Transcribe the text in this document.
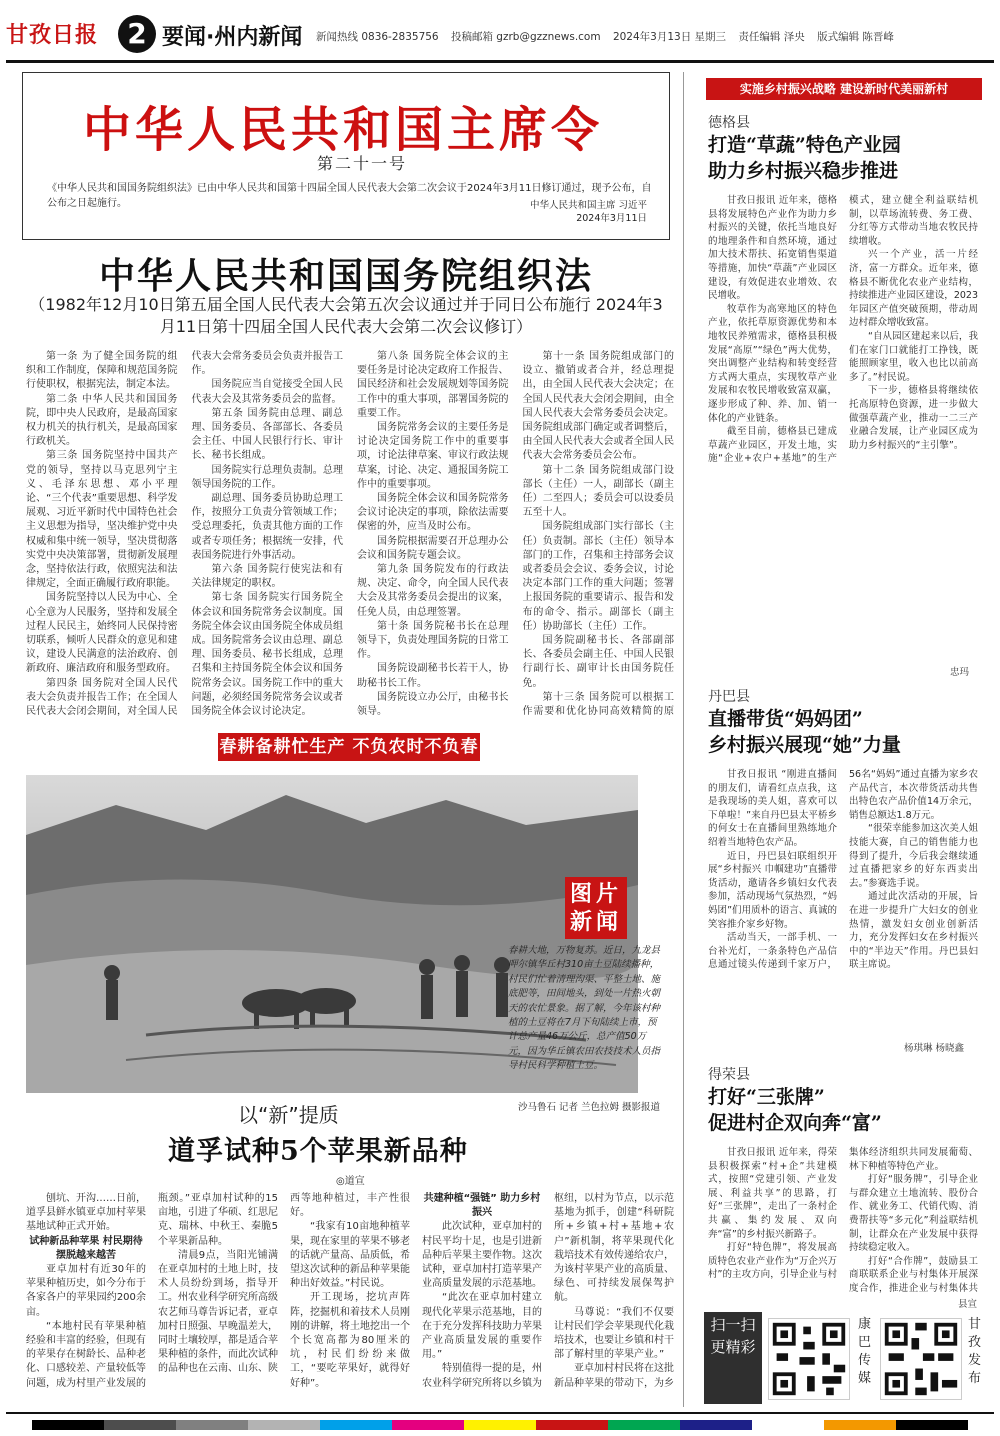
甘孜日报	2 要闻·州内新闻 新闻热线 0836-2835756 投稿邮箱 gzrb@gzznews.com 2024年3月13日 星期三 责任编辑 泽央 版式编辑 陈晋峰
中华人民共和国主席令
第二十一号
《中华人民共和国国务院组织法》已由中华人民共和国第十四届全国人民代表大会第二次会议于2024年3月11日修订通过，现予公布，自公布之日起施行。	中华人民共和国主席 习近平
2024年3月11日
中华人民共和国国务院组织法
（1982年12月10日第五届全国人民代表大会第五次会议通过并于同日公布施行 2024年3月11日第十四届全国人民代表大会第二次会议修订）

第一条 为了健全国务院的组织和工作制度，保障和规范国务院行使职权，根据宪法，制定本法。

第二条 中华人民共和国国务院，即中央人民政府，是最高国家权力机关的执行机关，是最高国家行政机关。

第三条 国务院坚持中国共产党的领导，坚持以马克思列宁主义、毛泽东思想、邓小平理论、“三个代表”重要思想、科学发展观、习近平新时代中国特色社会主义思想为指导，坚决维护党中央权威和集中统一领导，坚决贯彻落实党中央决策部署，贯彻新发展理念，坚持依法行政，依照宪法和法律规定，全面正确履行政府职能。

国务院坚持以人民为中心、全心全意为人民服务，坚持和发展全过程人民民主，始终同人民保持密切联系，倾听人民群众的意见和建议，建设人民满意的法治政府、创新政府、廉洁政府和服务型政府。

第四条 国务院对全国人民代表大会负责并报告工作；在全国人民代表大会闭会期间，对全国人民代表大会常务委员会负责并报告工作。

国务院应当自觉接受全国人民代表大会及其常务委员会的监督。

第五条 国务院由总理、副总理、国务委员、各部部长、各委员会主任、中国人民银行行长、审计长、秘书长组成。

国务院实行总理负责制。总理领导国务院的工作。

副总理、国务委员协助总理工作，按照分工负责分管领域工作；受总理委托，负责其他方面的工作或者专项任务；根据统一安排，代表国务院进行外事活动。

第六条 国务院行使宪法和有关法律规定的职权。

第七条 国务院实行国务院全体会议和国务院常务会议制度。国务院全体会议由国务院全体成员组成。国务院常务会议由总理、副总理、国务委员、秘书长组成，总理召集和主持国务院全体会议和国务院常务会议。国务院工作中的重大问题，必须经国务院常务会议或者国务院全体会议讨论决定。

第八条 国务院全体会议的主要任务是讨论决定政府工作报告、国民经济和社会发展规划等国务院工作中的重大事项，部署国务院的重要工作。

国务院常务会议的主要任务是讨论决定国务院工作中的重要事项，讨论法律草案、审议行政法规草案，讨论、决定、通报国务院工作中的重要事项。

国务院全体会议和国务院常务会议讨论决定的事项，除依法需要保密的外，应当及时公布。

国务院根据需要召开总理办公会议和国务院专题会议。

第九条 国务院发布的行政法规、决定、命令，向全国人民代表大会及其常务委员会提出的议案，任免人员，由总理签署。

第十条 国务院秘书长在总理领导下，负责处理国务院的日常工作。

国务院设副秘书长若干人，协助秘书长工作。

国务院设立办公厅，由秘书长领导。

第十一条 国务院组成部门的设立、撤销或者合并，经总理提出，由全国人民代表大会决定；在全国人民代表大会闭会期间，由全国人民代表大会常务委员会决定。国务院组成部门确定或者调整后，由全国人民代表大会或者全国人民代表大会常务委员会公布。

第十二条 国务院组成部门设部长（主任）一人，副部长（副主任）二至四人；委员会可以设委员五至十人。

国务院组成部门实行部长（主任）负责制。部长（主任）领导本部门的工作，召集和主持部务会议或者委员会会议、委务会议，讨论决定本部门工作的重大问题；签署上报国务院的重要请示、报告和发布的命令、指示。副部长（副主任）协助部长（主任）工作。

国务院副秘书长、各部副部长、各委员会副主任、中国人民银行副行长、副审计长由国务院任免。

第十三条 国务院可以根据工作需要和优化协同高效精简的原

春耕备耕忙生产 不负农时不负春
图片新闻
春耕大地，万物复苏。近日，九龙县呷尔镇华丘村310亩土豆陆续播种，村民们忙着清理沟渠、平整土地、施底肥等，田间地头，到处一片热火朝天的农忙景象。据了解，今年该村种植的土豆将在7月下旬陆续上市，预计总产量46万公斤，总产值50万元，因为华丘镇农田农技技术人员指导村民科学种植土豆。
沙马鲁石 记者 兰色拉姆 摄影报道
以“新”提质
道孚试种5个苹果新品种
◎道宣

刨坑、开沟……日前，道孚县鲜水镇亚卓加村苹果基地试种正式开始。

试种新品种苹果 村民期待摆脱越来越苦

亚卓加村有近30年的苹果种植历史，如今分布于各家各户的苹果园约200余亩。

“本地村民有苹果种植经验和丰富的经验，但现有的苹果存在树龄长、品种老化、口感较差、产量较低等问题，成为村里产业发展的瓶颈。”亚卓加村试种的15亩地，引进了华硕、红思尼克、瑞林、中秋王、秦脆5个苹果新品种。

清晨9点，当阳光铺满在亚卓加村的土地上时，技术人员纷纷到场，指导开工。州农业科学研究所高级农艺师马尊告诉记者，亚卓加村日照强、早晚温差大，同时土壤较厚，都是适合苹果种植的条件，而此次试种的品种也在云南、山东、陕西等地种植过，丰产性很好。

“我家有10亩地种植苹果，现在家里的苹果不够老的话就产量高、品质低，希望这次试种的新品种苹果能种出好效益。”村民说。

开工现场，挖坑声阵阵，挖掘机和着技术人员刚刚的讲解，将土地挖出一个个长宽高都为80厘米的坑，村民们纷纷来做工，“要吃苹果好，就得好好种”。

共建种植“强链” 助力乡村振兴

此次试种，亚卓加村的村民平均十足，也是引进新品种后苹果主要作物。这次试种，亚卓加村打造苹果产业高质量发展的示范基地。

“此次在亚卓加村建立现代化苹果示范基地，目的在于充分发挥科技助力苹果产业高质量发展的重要作用。”

特别值得一提的是，州农业科学研究所将以乡镇为枢纽，以村为节点，以示范基地为抓手，创建“科研院所+乡镇+村+基地+农户”新机制，将苹果现代化栽培技术有效传递给农户，为该村苹果产业的高质量、绿色、可持续发展保驾护航。

马尊说：“我们不仅要让村民们学会苹果现代化栽培技术，也要让乡镇和村干部了解村里的苹果产业。”

亚卓加村村民将在这批新品种苹果的带动下，为乡

实施乡村振兴战略 建设新时代美丽新村
德格县
打造“草蔬”特色产业园
助力乡村振兴稳步推进

甘孜日报讯 近年来，德格县将发展特色产业作为助力乡村振兴的关键，依托当地良好的地理条件和自然环境，通过加大技术帮扶、拓宽销售渠道等措施，加快“草蔬”产业园区建设，有效促进农业增效、农民增收。

牧草作为高寒地区的特色产业，依托草原资源优势和本地牧民养殖需求，德格县积极发展“高原”“绿色”两大优势，突出调整产业结构和转变经营方式两大重点，实现牧草产业发展和农牧民增收致富双赢，逐步形成了种、养、加、销一体化的产业链条。

截至目前，德格县已建成草蔬产业园区，开发土地，实施“企业+农户+基地”的生产模式，建立健全利益联结机制，以草场流转费、务工费、分红等方式带动当地农牧民持续增收。

兴一个产业，活一片经济，富一方群众。近年来，德格县不断优化农业产业结构，持续推进产业园区建设，2023年园区产值突破预期，带动周边村群众增收致富。

“自从园区建起来以后，我们在家门口就能打工挣钱，既能照顾家里，收入也比以前高多了。”村民说。

下一步，德格县将继续依托高原特色资源，进一步做大做强草蔬产业，推动一二三产业融合发展，让产业园区成为助力乡村振兴的“主引擎”。

忠玛
丹巴县
直播带货“妈妈团”
乡村振兴展现“她”力量

甘孜日报讯 “刚进直播间的朋友们，请看红点点我，这是我现场的美人姐，喜欢可以下单啦！”来自丹巴县太平桥乡的何女士在直播间里熟练地介绍着当地特色农产品。

近日，丹巴县妇联组织开展“乡村振兴 巾帼建功”直播带货活动，邀请各乡镇妇女代表参加，活动现场气氛热烈，“妈妈团”们用质朴的语言、真诚的笑容推介家乡好物。

活动当天，一部手机、一台补光灯，一条条特色产品信息通过镜头传递到千家万户，56名“妈妈”通过直播为家乡农产品代言，本次带货活动共售出特色农产品价值14万余元，销售总额达1.8万元。

“很荣幸能参加这次美人姐技能大赛，自己的销售能力也得到了提升，今后我会继续通过直播把家乡的好东西卖出去。”参赛选手说。

通过此次活动的开展，旨在进一步提升广大妇女的创业热情，激发妇女创业创新活力，充分发挥妇女在乡村振兴中的“半边天”作用。丹巴县妇联主席说。

杨琪琳 杨晓鑫
得荣县
打好“三张牌”
促进村企双向奔“富”

甘孜日报讯 近年来，得荣县积极探索“村+企”共建模式，按照“党建引领、产业发展、利益共享”的思路，打好“三张牌”，走出了一条村企共赢、集约发展、双向奔“富”的乡村振兴新路子。

打好“特色牌”，将发展高质特色农业产业作为“万企兴万村”的主攻方向，引导企业与村集体经济组织共同发展葡萄、林下种植等特色产业。

打好“服务牌”，引导企业与群众建立土地流转、股份合作、就业务工、代销代购、消费帮扶等“多元化”利益联结机制，让群众在产业发展中获得持续稳定收入。

打好“合作牌”，鼓励县工商联联系企业与村集体开展深度合作，推进企业与村集体共

县宣
扫一扫更精彩
康巴传媒
甘孜发布
